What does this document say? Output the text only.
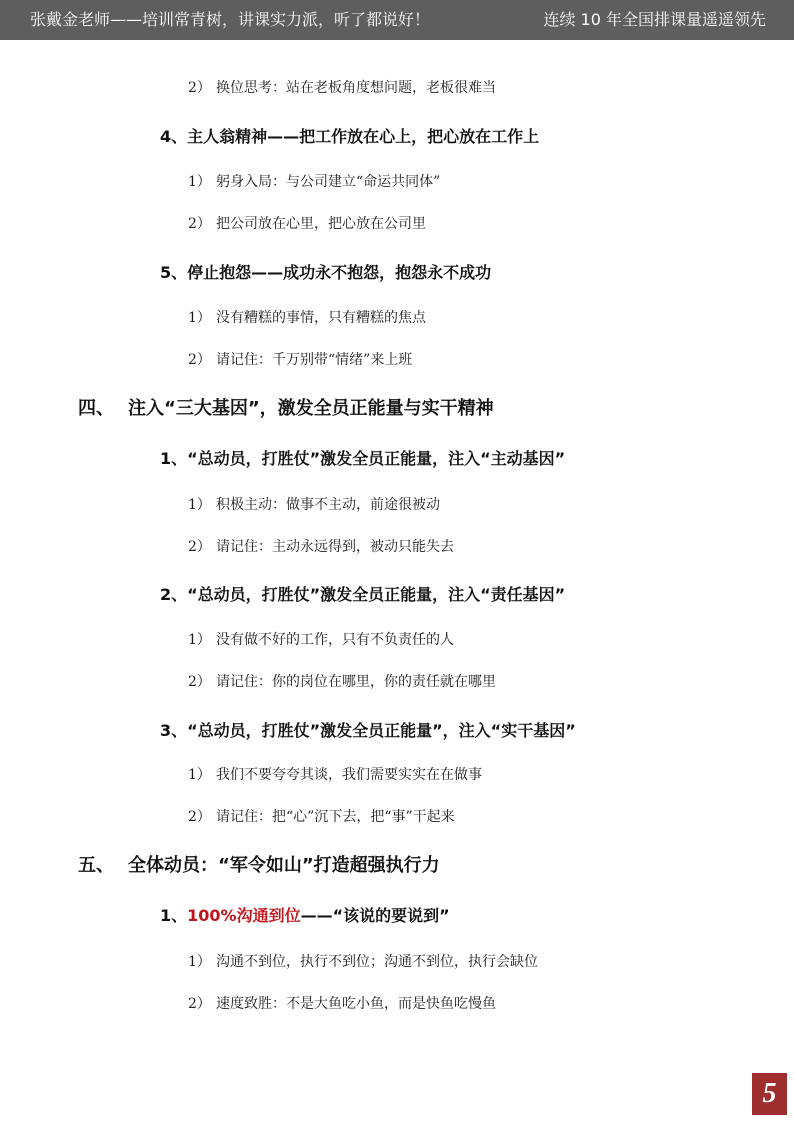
张戴金老师——培训常青树，讲课实力派，听了都说好！	连续 10 年全国排课量遥遥领先
2） 换位思考：站在老板角度想问题，老板很难当
4、主人翁精神——把工作放在心上，把心放在工作上
1） 躬身入局：与公司建立“命运共同体”
2） 把公司放在心里，把心放在公司里
5、停止抱怨——成功永不抱怨，抱怨永不成功
1） 没有糟糕的事情，只有糟糕的焦点
2） 请记住：千万别带“情绪”来上班
四、 注入“三大基因”，激发全员正能量与实干精神
1、“总动员，打胜仗”激发全员正能量，注入“主动基因”
1） 积极主动：做事不主动，前途很被动
2） 请记住：主动永远得到，被动只能失去
2、“总动员，打胜仗”激发全员正能量，注入“责任基因”
1） 没有做不好的工作，只有不负责任的人
2） 请记住：你的岗位在哪里，你的责任就在哪里
3、“总动员，打胜仗”激发全员正能量”，注入“实干基因”
1） 我们不要夸夸其谈，我们需要实实在在做事
2） 请记住：把“心”沉下去，把“事”干起来
五、 全体动员：“军令如山”打造超强执行力
1、100%沟通到位——“该说的要说到”
1） 沟通不到位，执行不到位；沟通不到位，执行会缺位
2） 速度致胜：不是大鱼吃小鱼，而是快鱼吃慢鱼
5
